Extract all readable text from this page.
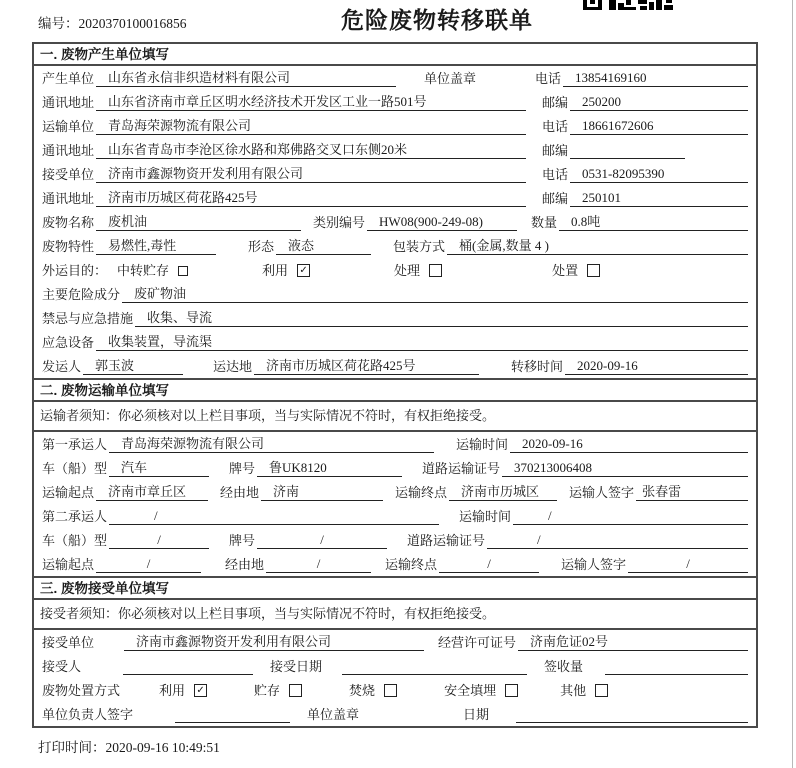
编号：2020370100016856	危险废物转移联单
一. 废物产生单位填写
产生单位	山东省永信非织造材料有限公司	单位盖章	电话	13854169160
通讯地址	山东省济南市章丘区明水经济技术开发区工业一路501号	邮编	250200
运输单位	青岛海荣源物流有限公司	电话	18661672606
通讯地址	山东省青岛市李沧区徐水路和郑佛路交叉口东侧20米	邮编
接受单位	济南市鑫源物资开发利用有限公司	电话	0531-82095390
通讯地址	济南市历城区荷花路425号	邮编	250101
废物名称	废机油	类别编号	HW08(900-249-08)	数量	0.8吨
废物特性	易燃性,毒性	形态	液态	包装方式	桶(金属,数量 4 )
外运目的： 中转贮存	利用 ✓	处理	处置
主要危险成分	废矿物油
禁忌与应急措施	收集、导流
应急设备	收集装置，导流渠
发运人	郭玉波	运达地	济南市历城区荷花路425号	转移时间	2020-09-16
二. 废物运输单位填写
运输者须知：你必须核对以上栏目事项，当与实际情况不符时，有权拒绝接受。
第一承运人	青岛海荣源物流有限公司	运输时间	2020-09-16
车（船）型	汽车	牌号	鲁UK8120	道路运输证号	370213006408
运输起点	济南市章丘区	经由地	济南	运输终点	济南市历城区	运输人签字 张春雷
第二承运人	/	运输时间	/
车（船）型	/	牌号	/	道路运输证号	/
运输起点	/	经由地	/	运输终点	/	运输人签字	/
三. 废物接受单位填写
接受者须知：你必须核对以上栏目事项，当与实际情况不符时，有权拒绝接受。
接受单位	济南市鑫源物资开发利用有限公司	经营许可证号	济南危证02号
接受人	接受日期	签收量
废物处置方式	利用 ✓	贮存	焚烧	安全填埋	其他
单位负责人签字	单位盖章	日期
打印时间：2020-09-16 10:49:51
